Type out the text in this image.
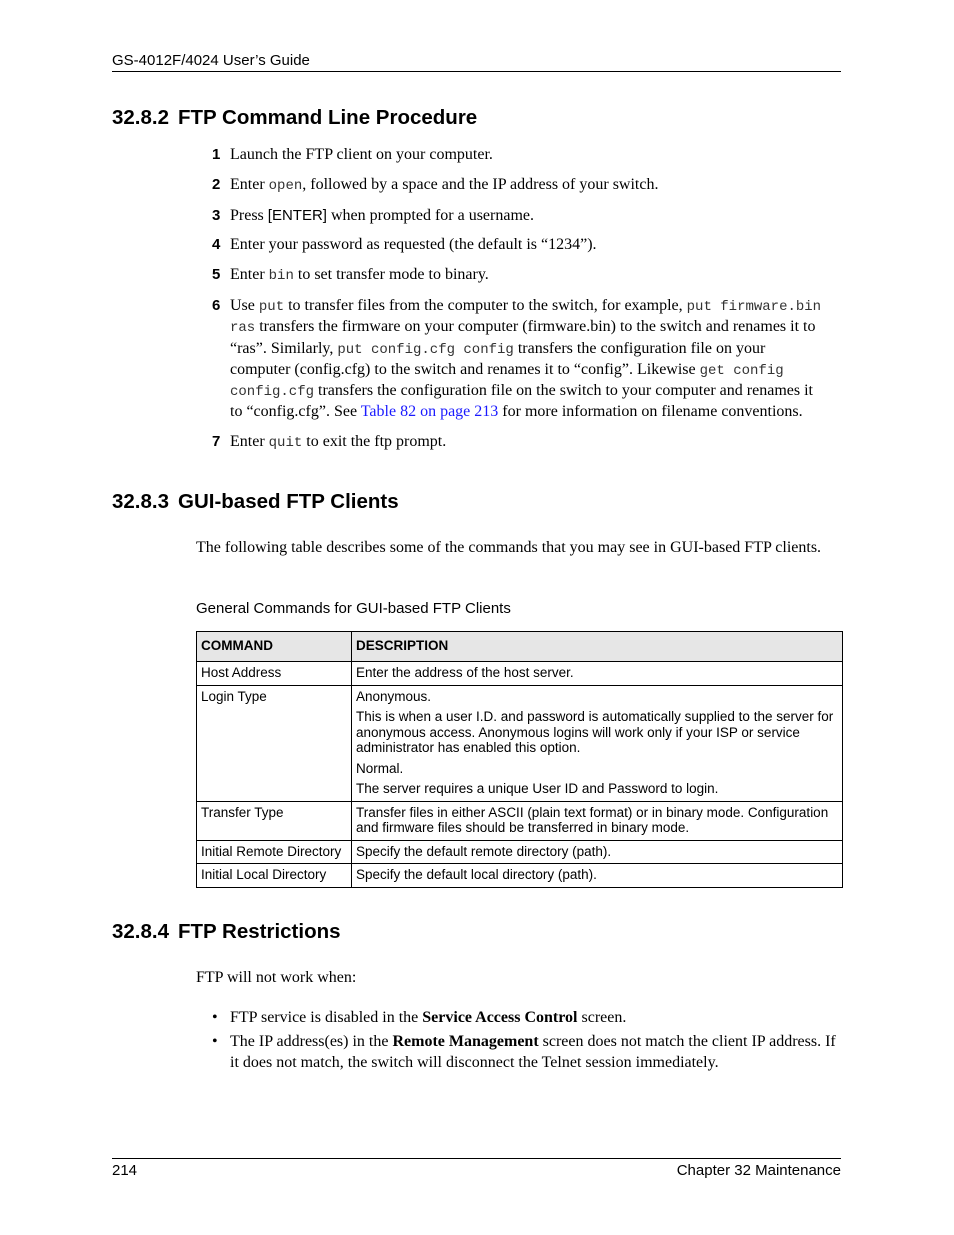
GS-4012F/4024 User’s Guide
32.8.2 FTP Command Line Procedure
1 Launch the FTP client on your computer.
2 Enter open, followed by a space and the IP address of your switch.
3 Press [ENTER] when prompted for a username.
4 Enter your password as requested (the default is “1234”).
5 Enter bin to set transfer mode to binary.
6 Use put to transfer files from the computer to the switch, for example, put firmware.bin ras transfers the firmware on your computer (firmware.bin) to the switch and renames it to “ras”. Similarly, put config.cfg config transfers the configuration file on your computer (config.cfg) to the switch and renames it to “config”. Likewise get config config.cfg transfers the configuration file on the switch to your computer and renames it to “config.cfg”. See Table 82 on page 213 for more information on filename conventions.
7 Enter quit to exit the ftp prompt.
32.8.3 GUI-based FTP Clients

The following table describes some of the commands that you may see in GUI-based FTP clients.

General Commands for GUI-based FTP Clients
COMMAND	DESCRIPTION
Host Address	Enter the address of the host server.

Login Type	Anonymous.
This is when a user I.D. and password is automatically supplied to the server for anonymous access. Anonymous logins will work only if your ISP or service administrator has enabled this option.
Normal.
The server requires a unique User ID and Password to login.

Transfer Type	Transfer files in either ASCII (plain text format) or in binary mode. Configuration and firmware files should be transferred in binary mode.

Initial Remote Directory	Specify the default remote directory (path).

Initial Local Directory	Specify the default local directory (path).
32.8.4 FTP Restrictions

FTP will not work when:

• FTP service is disabled in the Service Access Control screen.
• The IP address(es) in the Remote Management screen does not match the client IP address. If it does not match, the switch will disconnect the Telnet session immediately.
214	Chapter 32 Maintenance
